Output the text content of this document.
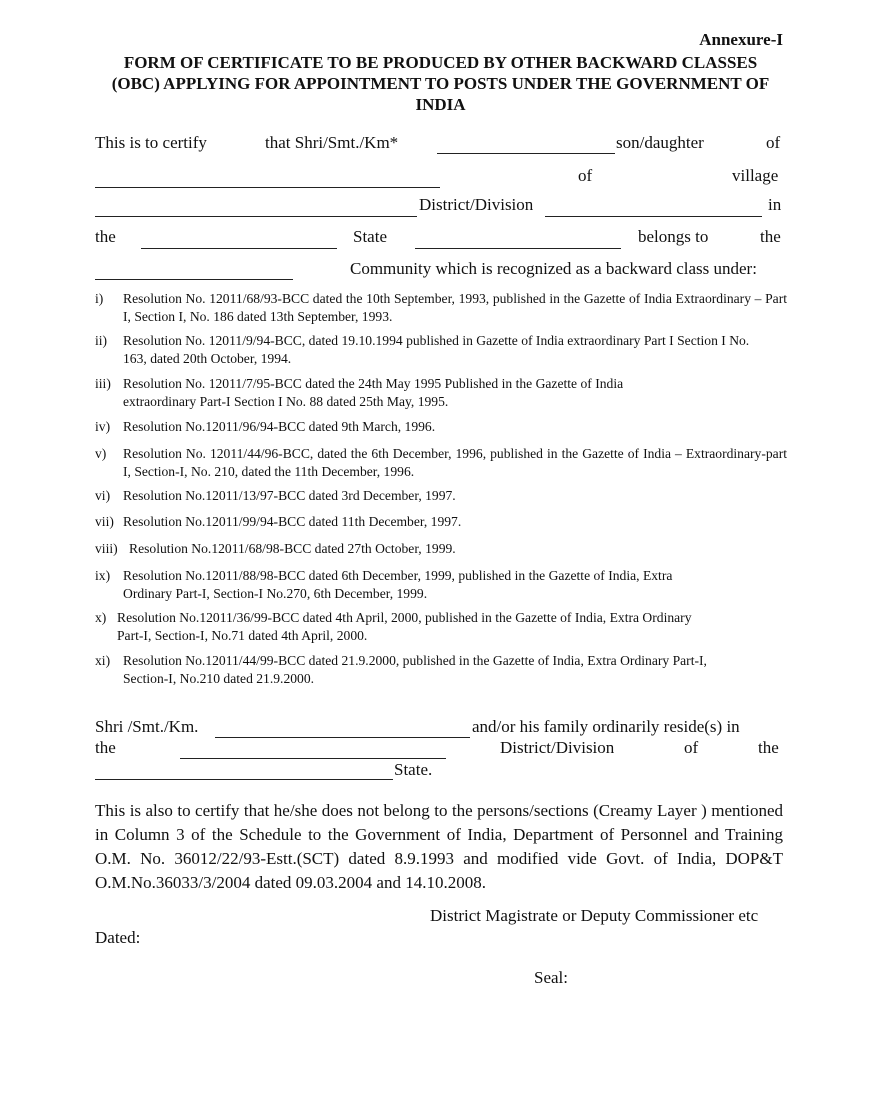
Annexure-I
FORM OF CERTIFICATE TO BE PRODUCED BY OTHER BACKWARD CLASSES (OBC) APPLYING FOR APPOINTMENT TO POSTS UNDER THE GOVERNMENT OF INDIA
This is to certify	that Shri/Smt./Km*	son/daughter	of
of	village
District/Division	in
the	State	belongs to	the
Community which is recognized as a backward class under:
i) Resolution No. 12011/68/93-BCC dated the 10th September, 1993, published in the Gazette of India Extraordinary – Part I, Section I, No. 186 dated 13th September, 1993.
ii) Resolution No. 12011/9/94-BCC, dated 19.10.1994 published in Gazette of India extraordinary Part I Section I No. 163, dated 20th October, 1994.
iii) Resolution No. 12011/7/95-BCC dated the 24th May 1995 Published in the Gazette of India extraordinary Part-I Section I No. 88 dated 25th May, 1995.
iv) Resolution No.12011/96/94-BCC dated 9th March, 1996.
v) Resolution No. 12011/44/96-BCC, dated the 6th December, 1996, published in the Gazette of India – Extraordinary-part I, Section-I, No. 210, dated the 11th December, 1996.
vi) Resolution No.12011/13/97-BCC dated 3rd December, 1997.
vii) Resolution No.12011/99/94-BCC dated 11th December, 1997.
viii) Resolution No.12011/68/98-BCC dated 27th October, 1999.
ix) Resolution No.12011/88/98-BCC dated 6th December, 1999, published in the Gazette of India, Extra Ordinary Part-I, Section-I No.270, 6th December, 1999.
x) Resolution No.12011/36/99-BCC dated 4th April, 2000, published in the Gazette of India, Extra Ordinary Part-I, Section-I, No.71 dated 4th April, 2000.
xi) Resolution No.12011/44/99-BCC dated 21.9.2000, published in the Gazette of India, Extra Ordinary Part-I, Section-I, No.210 dated 21.9.2000.
Shri /Smt./Km.	and/or his family ordinarily reside(s) in
the	District/Division	of	the
State.
This is also to certify that he/she does not belong to the persons/sections (Creamy Layer ) mentioned in Column 3 of the Schedule to the Government of India, Department of Personnel and Training O.M. No. 36012/22/93-Estt.(SCT) dated 8.9.1993 and modified vide Govt. of India, DOP&T O.M.No.36033/3/2004 dated 09.03.2004 and 14.10.2008.
District Magistrate or Deputy Commissioner etc
Dated:
Seal:
